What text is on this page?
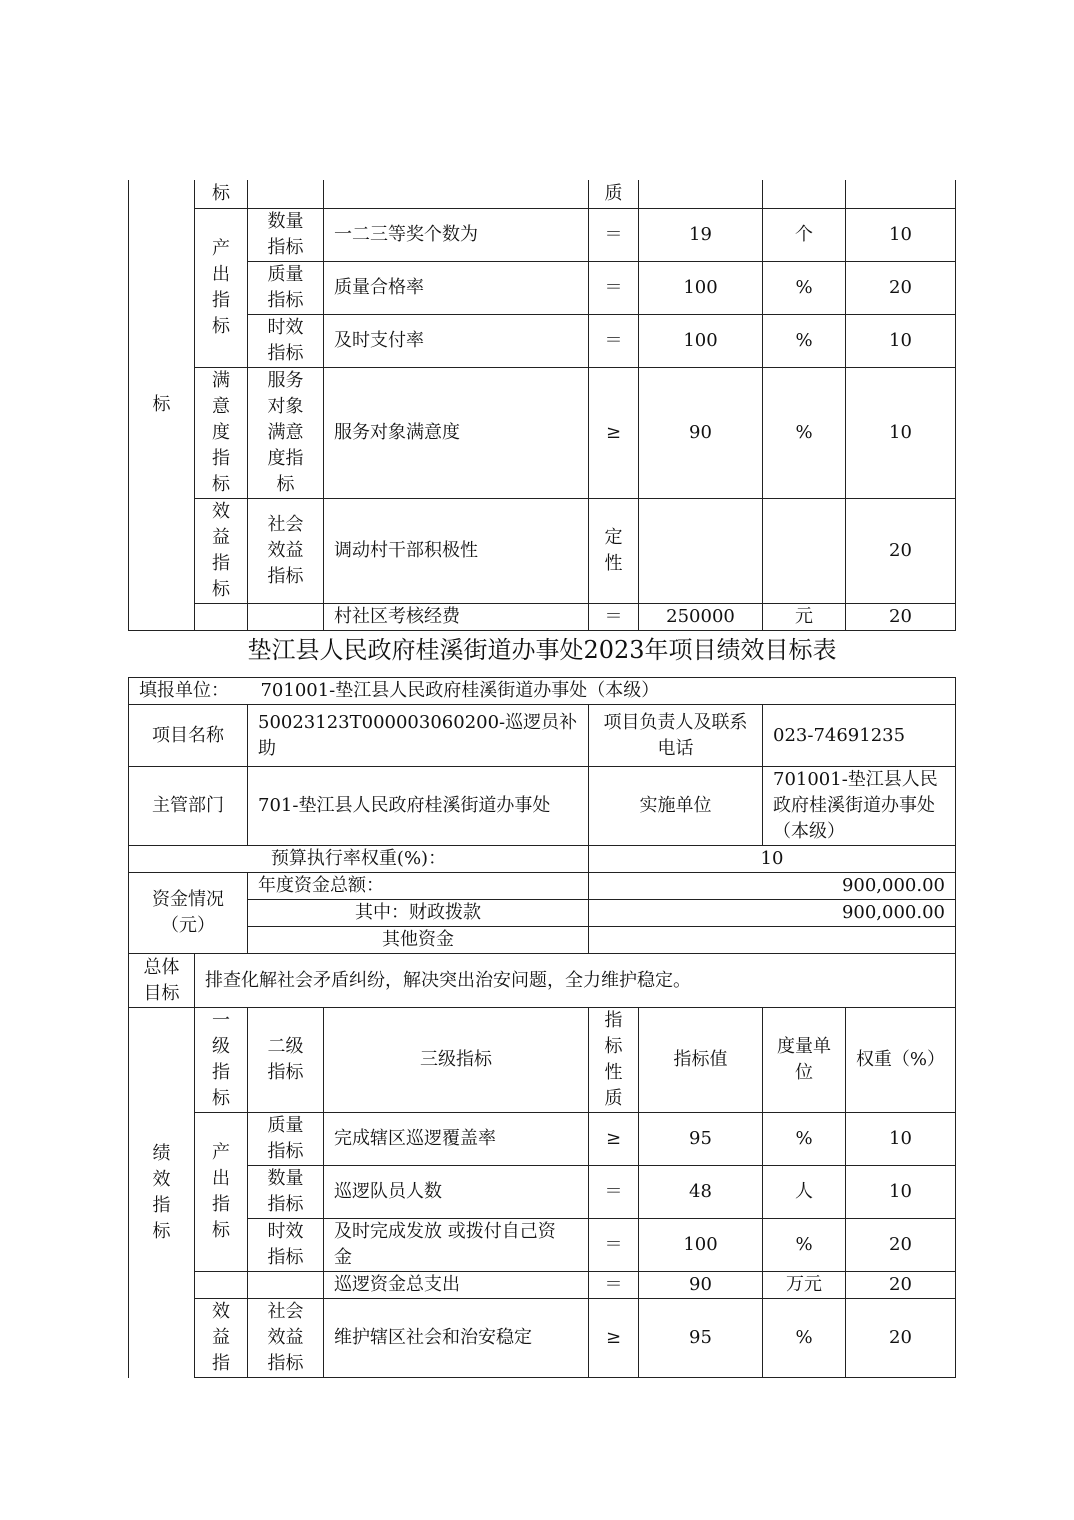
标	标			质			

	产出指标	数量指标	一二三等奖个数为	＝	19	个	10

		质量指标	质量合格率	＝	100	%	20

		时效指标	及时支付率	＝	100	%	10

	满意度指标	服务对象满意度指标	服务对象满意度	≥	90	%	10

	效益指标	社会效益指标	调动村干部积极性	定性			20
			村社区考核经费	＝	250000	元	20
垫江县人民政府桂溪街道办事处2023年项目绩效目标表
填报单位： 701001-垫江县人民政府桂溪街道办事处（本级）							
项目名称		50023123T000003060200-巡逻员补助		项目负责人及联系电话		023-74691235	
主管部门		701-垫江县人民政府桂溪街道办事处		实施单位		701001-垫江县人民政府桂溪街道办事处（本级）	

预算执行率权重(%)：				10			

资金情况（元）		年度资金总额：		900,000.00			
		其中：财政拨款		900,000.00			
		其他资金					

总体目标	排查化解社会矛盾纠纷，解决突出治安问题，全力维护稳定。						

绩效指标	一级指标	二级指标	三级指标	指标性质	指标值	度量单位	权重（%）

	产出指标	质量指标	完成辖区巡逻覆盖率	≥	95	%	10

		数量指标	巡逻队员人数	＝	48	人	10

		时效指标	及时完成发放 或拨付自己资金	＝	100	%	20
			巡逻资金总支出	＝	90	万元	20

	效益指	社会效益指标	维护辖区社会和治安稳定	≥	95	%	20
